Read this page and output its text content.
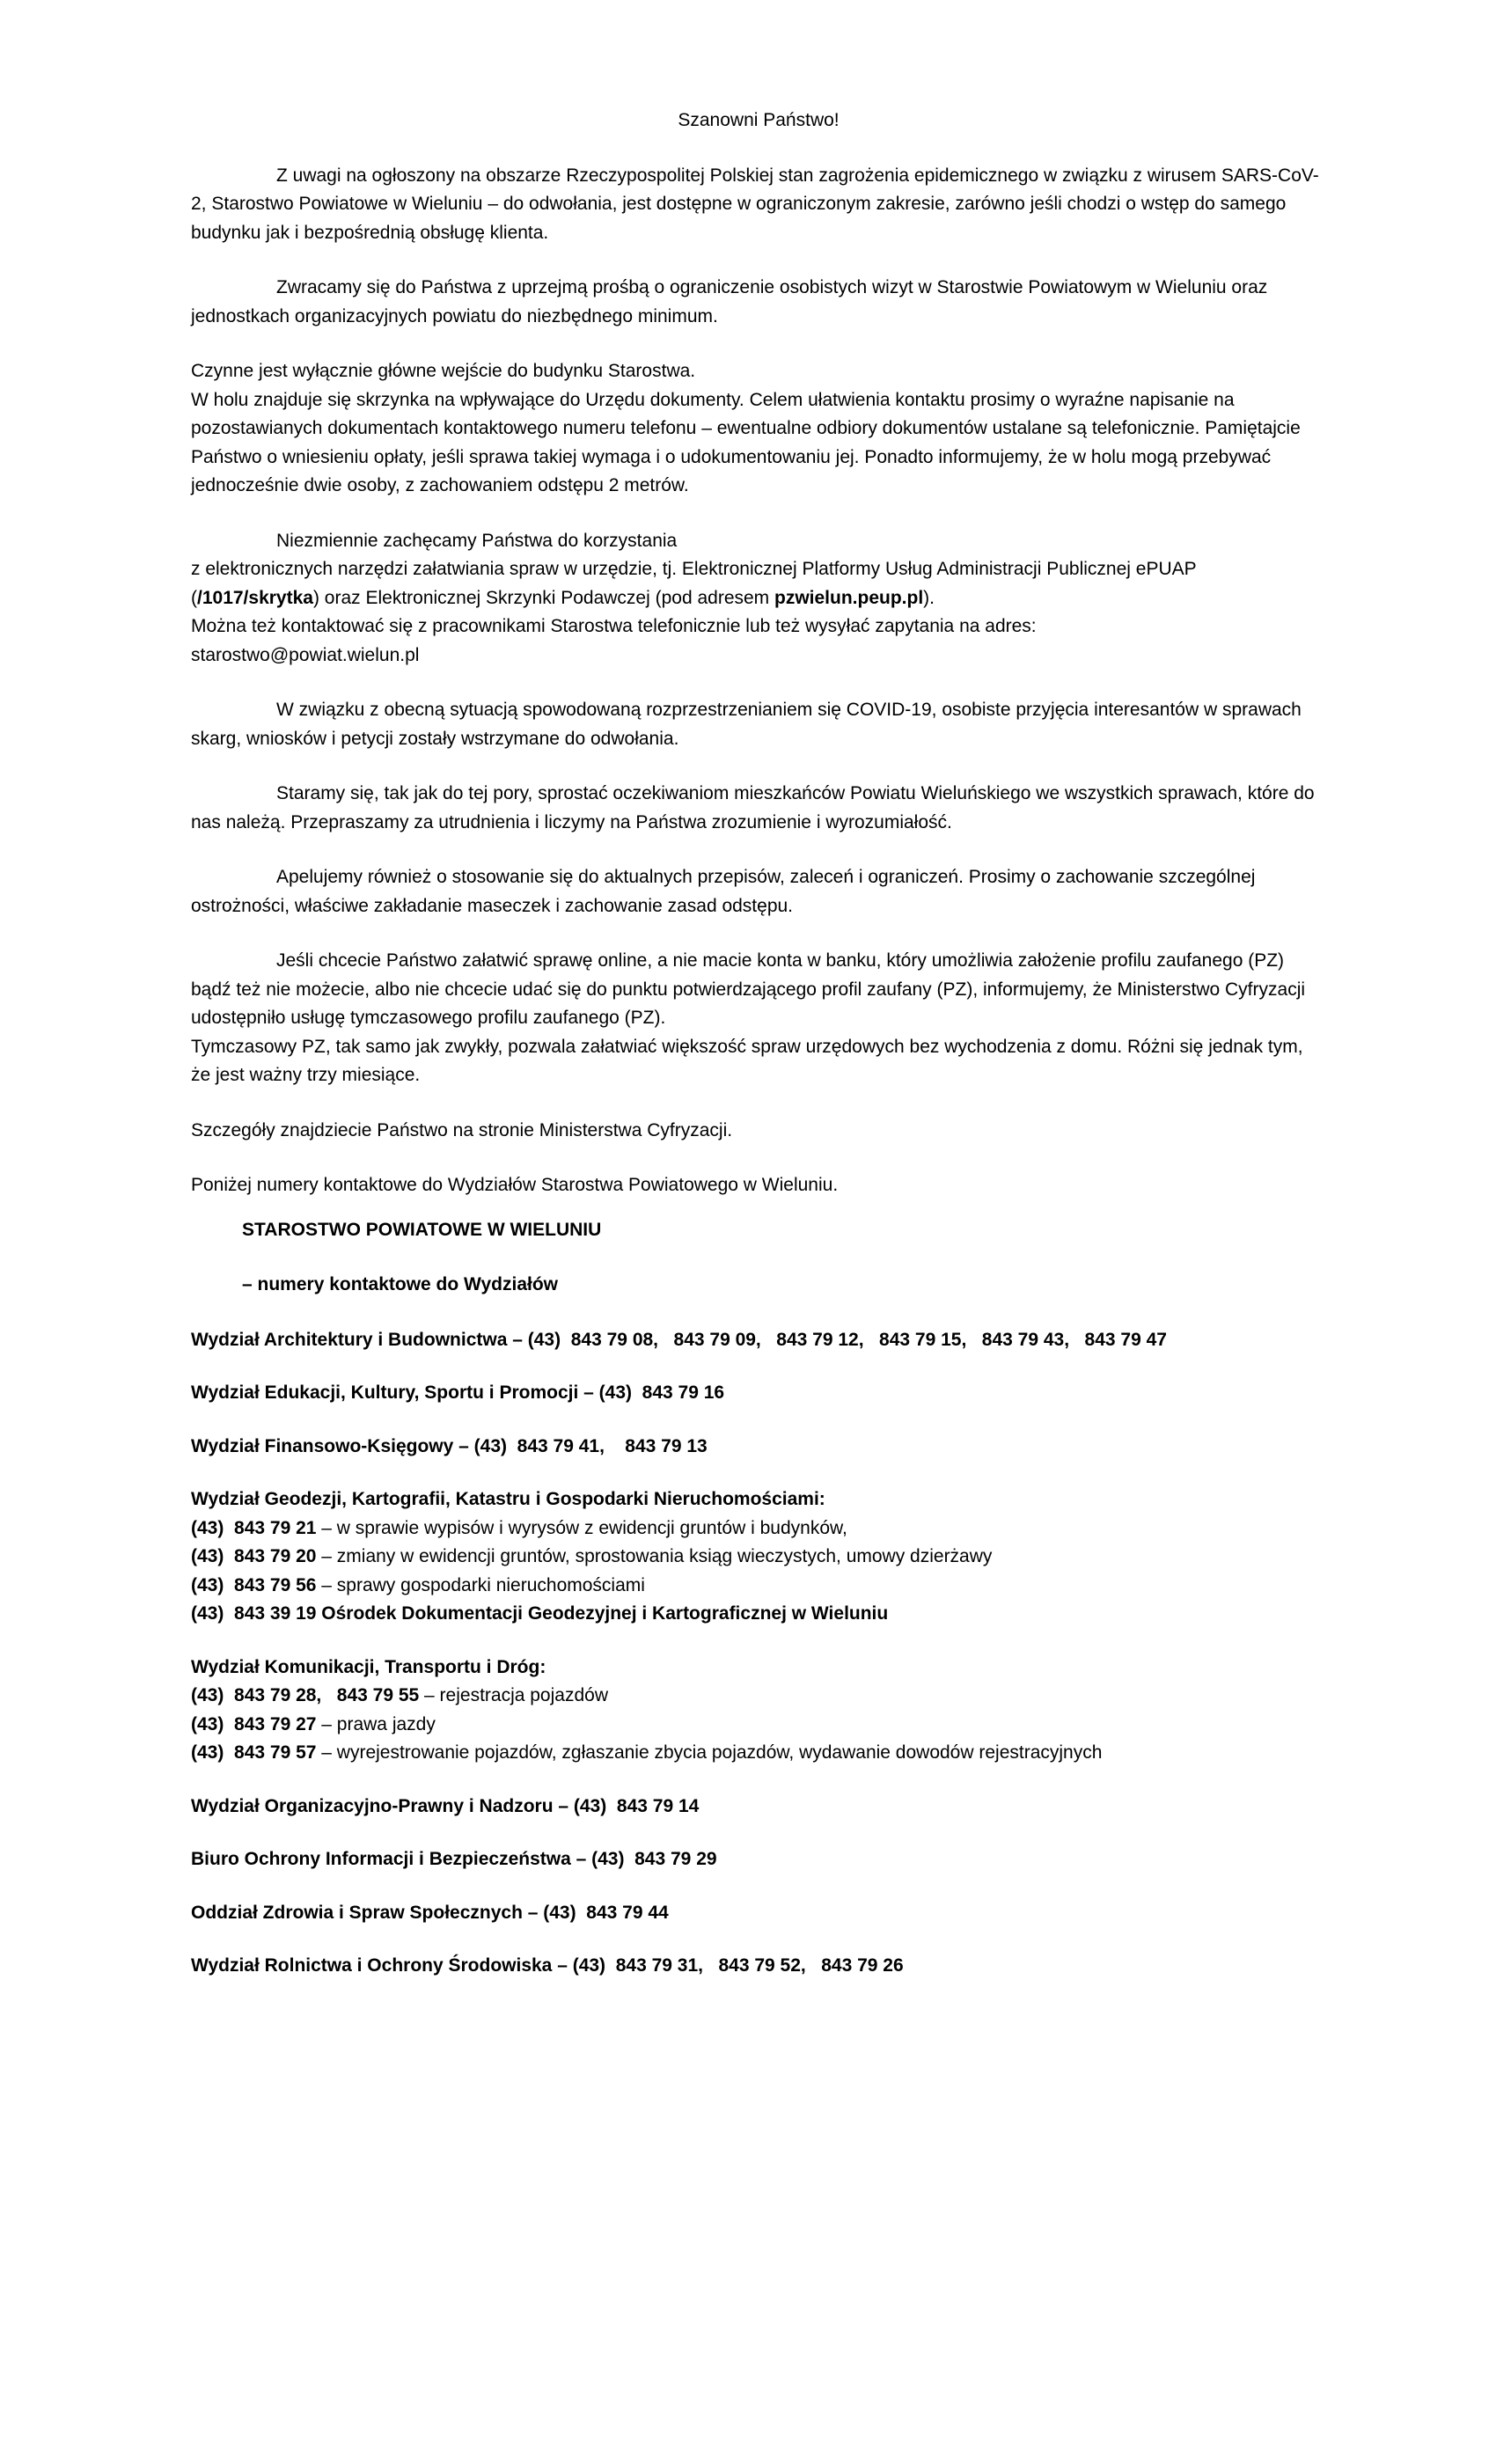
Szanowni Państwo!

Z uwagi na ogłoszony na obszarze Rzeczypospolitej Polskiej stan zagrożenia epidemicznego w związku z wirusem SARS-CoV-2, Starostwo Powiatowe w Wieluniu – do odwołania, jest dostępne w ograniczonym zakresie, zarówno jeśli chodzi o wstęp do samego budynku jak i bezpośrednią obsługę klienta.

Zwracamy się do Państwa z uprzejmą prośbą o ograniczenie osobistych wizyt w Starostwie Powiatowym w Wieluniu oraz jednostkach organizacyjnych powiatu do niezbędnego minimum.

Czynne jest wyłącznie główne wejście do budynku Starostwa.

W holu znajduje się skrzynka na wpływające do Urzędu dokumenty. Celem ułatwienia kontaktu prosimy o wyraźne napisanie na pozostawianych dokumentach kontaktowego numeru telefonu – ewentualne odbiory dokumentów ustalane są telefonicznie. Pamiętajcie Państwo o wniesieniu opłaty, jeśli sprawa takiej wymaga i o udokumentowaniu jej. Ponadto informujemy, że w holu mogą przebywać jednocześnie dwie osoby, z zachowaniem odstępu 2 metrów.

Niezmiennie zachęcamy Państwa do korzystania

z elektronicznych narzędzi załatwiania spraw w urzędzie, tj. Elektronicznej Platformy Usług Administracji Publicznej ePUAP (/1017/skrytka) oraz Elektronicznej Skrzynki Podawczej (pod adresem pzwielun.peup.pl).

Można też kontaktować się z pracownikami Starostwa telefonicznie lub też wysyłać zapytania na adres:

starostwo@powiat.wielun.pl

W związku z obecną sytuacją spowodowaną rozprzestrzenianiem się COVID-19, osobiste przyjęcia interesantów w sprawach skarg, wniosków i petycji zostały wstrzymane do odwołania.

Staramy się, tak jak do tej pory, sprostać oczekiwaniom mieszkańców Powiatu Wieluńskiego we wszystkich sprawach, które do nas należą. Przepraszamy za utrudnienia i liczymy na Państwa zrozumienie i wyrozumiałość.

Apelujemy również o stosowanie się do aktualnych przepisów, zaleceń i ograniczeń. Prosimy o zachowanie szczególnej ostrożności, właściwe zakładanie maseczek i zachowanie zasad odstępu.

Jeśli chcecie Państwo załatwić sprawę online, a nie macie konta w banku, który umożliwia założenie profilu zaufanego (PZ) bądź też nie możecie, albo nie chcecie udać się do punktu potwierdzającego profil zaufany (PZ), informujemy, że Ministerstwo Cyfryzacji udostępniło usługę tymczasowego profilu zaufanego (PZ).

Tymczasowy PZ, tak samo jak zwykły, pozwala załatwiać większość spraw urzędowych bez wychodzenia z domu. Różni się jednak tym, że jest ważny trzy miesiące.

Szczegóły znajdziecie Państwo na stronie Ministerstwa Cyfryzacji.

Poniżej numery kontaktowe do Wydziałów Starostwa Powiatowego w Wieluniu.

STAROSTWO POWIATOWE W WIELUNIU

– numery kontaktowe do Wydziałów

Wydział Architektury i Budownictwa – (43)  843 79 08,   843 79 09,   843 79 12,   843 79 15,   843 79 43,   843 79 47

Wydział Edukacji, Kultury, Sportu i Promocji – (43)  843 79 16

Wydział Finansowo-Księgowy – (43)  843 79 41,    843 79 13

Wydział Geodezji, Kartografii, Katastru i Gospodarki Nieruchomościami:

(43)  843 79 21 – w sprawie wypisów i wyrysów z ewidencji gruntów i budynków,

(43)  843 79 20 – zmiany w ewidencji gruntów, sprostowania ksiąg wieczystych, umowy dzierżawy

(43)  843 79 56 – sprawy gospodarki nieruchomościami

(43)  843 39 19 Ośrodek Dokumentacji Geodezyjnej i Kartograficznej w Wieluniu

Wydział Komunikacji, Transportu i Dróg:

(43)  843 79 28,   843 79 55 – rejestracja pojazdów

(43)  843 79 27 – prawa jazdy

(43)  843 79 57 – wyrejestrowanie pojazdów, zgłaszanie zbycia pojazdów, wydawanie dowodów rejestracyjnych

Wydział Organizacyjno-Prawny i Nadzoru – (43)  843 79 14

Biuro Ochrony Informacji i Bezpieczeństwa – (43)  843 79 29

Oddział Zdrowia i Spraw Społecznych – (43)  843 79 44

Wydział Rolnictwa i Ochrony Środowiska – (43)  843 79 31,   843 79 52,   843 79 26
